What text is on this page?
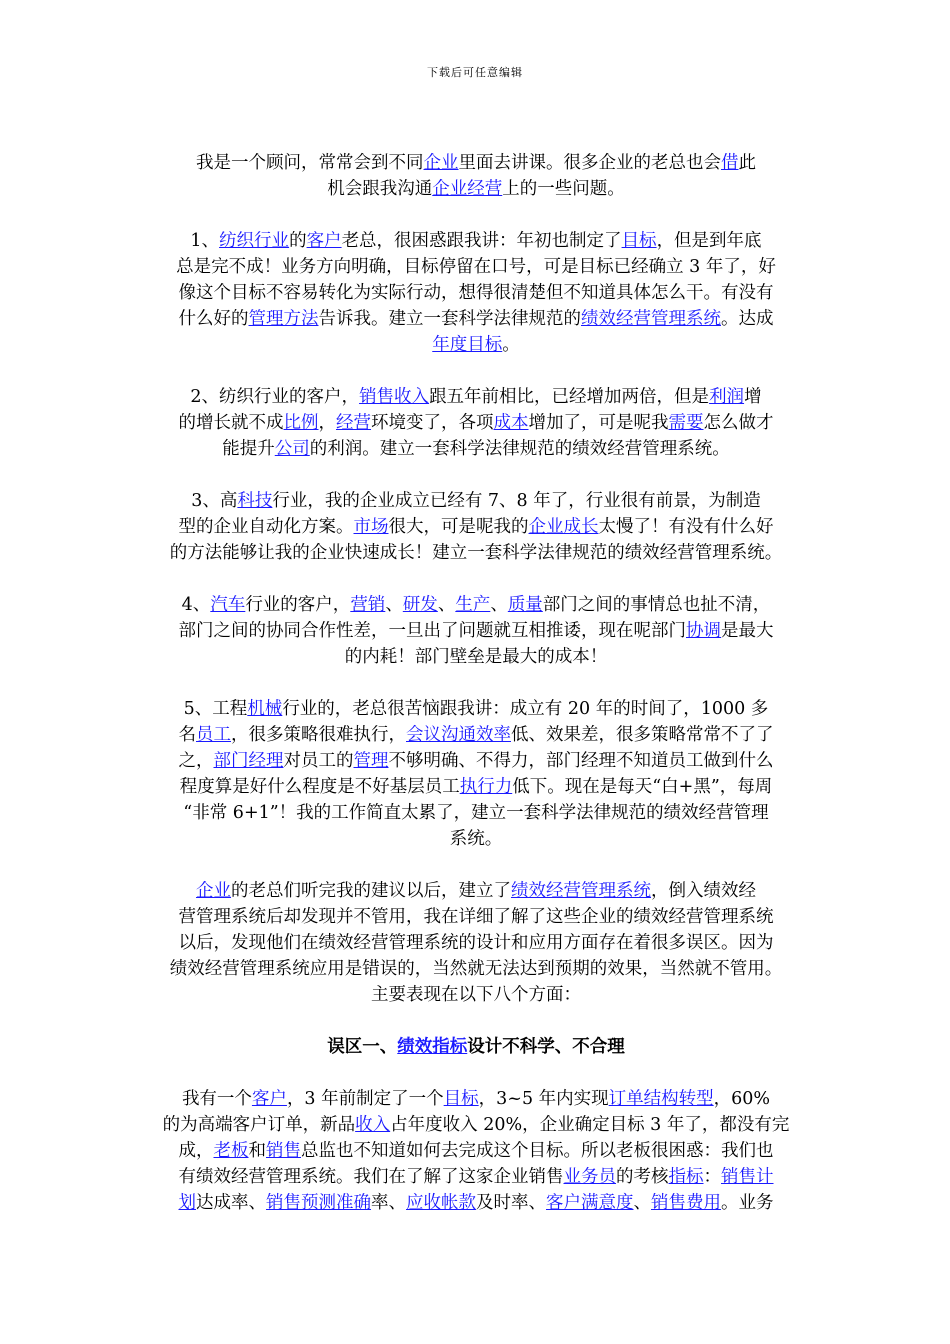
下载后可任意编辑
我是一个顾问，常常会到不同企业里面去讲课。很多企业的老总也会借此
机会跟我沟通企业经营上的一些问题。
1、纺织行业的客户老总，很困惑跟我讲：年初也制定了目标，但是到年底
总是完不成！业务方向明确，目标停留在口号，可是目标已经确立 3 年了，好
像这个目标不容易转化为实际行动，想得很清楚但不知道具体怎么干。有没有
什么好的管理方法告诉我。建立一套科学法律规范的绩效经营管理系统。达成
年度目标。
2、纺织行业的客户，销售收入跟五年前相比，已经增加两倍，但是利润增
的增长就不成比例，经营环境变了，各项成本增加了，可是呢我需要怎么做才
能提升公司的利润。建立一套科学法律规范的绩效经营管理系统。
3、高科技行业，我的企业成立已经有 7、8 年了，行业很有前景，为制造
型的企业自动化方案。市场很大，可是呢我的企业成长太慢了！有没有什么好
的方法能够让我的企业快速成长！建立一套科学法律规范的绩效经营管理系统。
4、汽车行业的客户，营销、研发、生产、质量部门之间的事情总也扯不清，
部门之间的协同合作性差，一旦出了问题就互相推诿，现在呢部门协调是最大
的内耗！部门壁垒是最大的成本！
5、工程机械行业的，老总很苦恼跟我讲：成立有 20 年的时间了，1000 多
名员工，很多策略很难执行，会议沟通效率低、效果差，很多策略常常不了了
之，部门经理对员工的管理不够明确、不得力，部门经理不知道员工做到什么
程度算是好什么程度是不好基层员工执行力低下。现在是每天“白+黑”，每周
“非常 6+1”！我的工作简直太累了，建立一套科学法律规范的绩效经营管理
系统。
企业的老总们听完我的建议以后，建立了绩效经营管理系统，倒入绩效经
营管理系统后却发现并不管用，我在详细了解了这些企业的绩效经营管理系统
以后，发现他们在绩效经营管理系统的设计和应用方面存在着很多误区。因为
绩效经营管理系统应用是错误的，当然就无法达到预期的效果，当然就不管用。
主要表现在以下八个方面：
误区一、绩效指标设计不科学、不合理
我有一个客户，3 年前制定了一个目标，3~5 年内实现订单结构转型，60%
的为高端客户订单，新品收入占年度收入 20%，企业确定目标 3 年了，都没有完
成，老板和销售总监也不知道如何去完成这个目标。所以老板很困惑：我们也
有绩效经营管理系统。我们在了解了这家企业销售业务员的考核指标：销售计
划达成率、销售预测准确率、应收帐款及时率、客户满意度、销售费用。业务
